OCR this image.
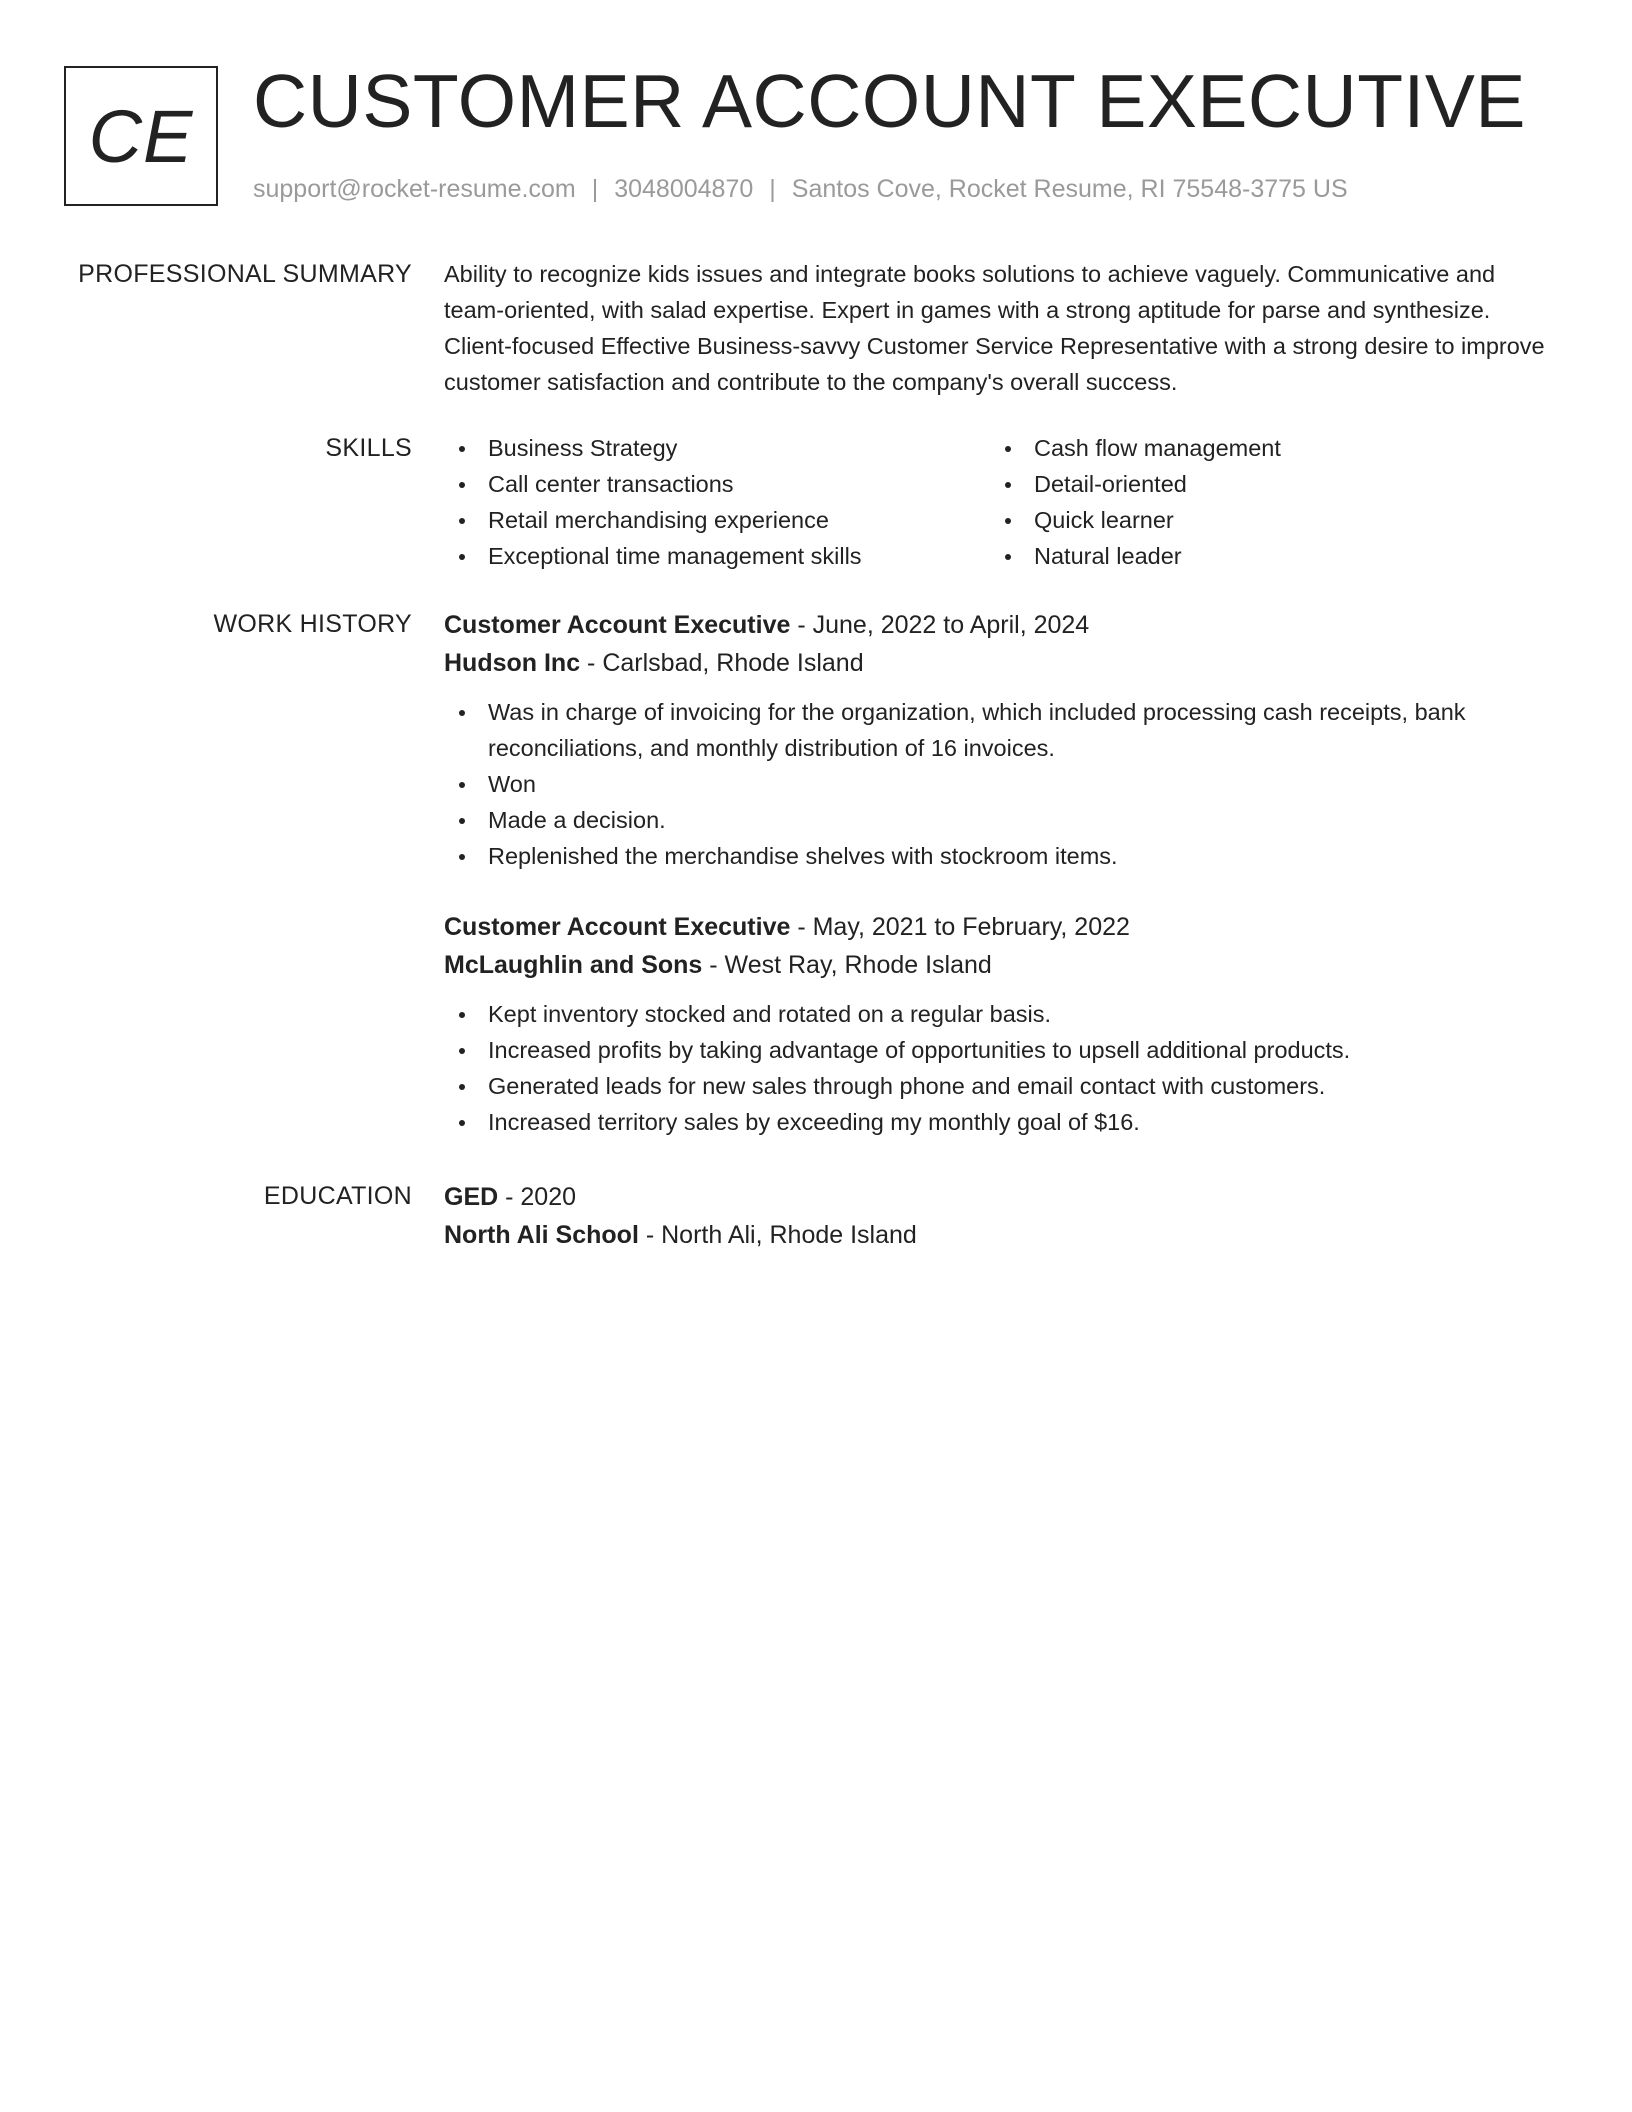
CE CUSTOMER ACCOUNT EXECUTIVE
support@rocket-resume.com | 3048004870 | Santos Cove, Rocket Resume, RI 75548-3775 US
PROFESSIONAL SUMMARY Ability to recognize kids issues and integrate books solutions to achieve vaguely. Communicative and team-oriented, with salad expertise. Expert in games with a strong aptitude for parse and synthesize. Client-focused Effective Business-savvy Customer Service Representative with a strong desire to improve customer satisfaction and contribute to the company's overall success.

SKILLS	Business Strategy
Call center transactions
Retail merchandising experience
Exceptional time management skills
Cash flow management
Detail-oriented
Quick learner
Natural leader
WORK HISTORY Customer Account Executive - June, 2022 to April, 2024
Hudson Inc - Carlsbad, Rhode Island
Was in charge of invoicing for the organization, which included processing cash receipts, bank reconciliations, and monthly distribution of 16 invoices.
Won
Made a decision.
Replenished the merchandise shelves with stockroom items.
Customer Account Executive - May, 2021 to February, 2022
McLaughlin and Sons - West Ray, Rhode Island
Kept inventory stocked and rotated on a regular basis.
Increased profits by taking advantage of opportunities to upsell additional products.
Generated leads for new sales through phone and email contact with customers.
Increased territory sales by exceeding my monthly goal of $16.
EDUCATION GED - 2020
North Ali School - North Ali, Rhode Island
